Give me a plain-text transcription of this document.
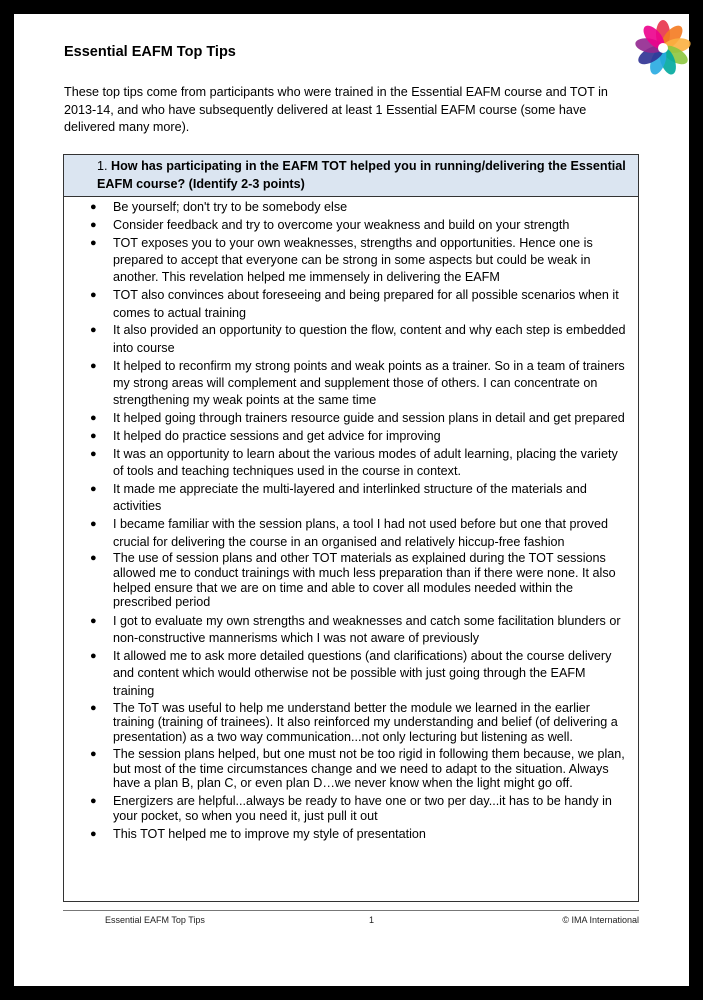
Essential EAFM Top Tips
These top tips come from participants who were trained in the Essential EAFM course and TOT in 2013-14, and who have subsequently delivered at least 1 Essential EAFM course (some have delivered many more).
1. How has participating in the EAFM TOT helped you in running/delivering the Essential EAFM course? (Identify 2-3 points)
● Be yourself; don't try to be somebody else
● Consider feedback and try to overcome your weakness and build on your strength
● TOT exposes you to your own weaknesses, strengths and opportunities. Hence one is prepared to accept that everyone can be strong in some aspects but could be weak in another. This revelation helped me immensely in delivering the EAFM
● TOT also convinces about foreseeing and being prepared for all possible scenarios when it comes to actual training
● It also provided an opportunity to question the flow, content and why each step is embedded into course
● It helped to reconfirm my strong points and weak points as a trainer. So in a team of trainers my strong areas will complement and supplement those of others. I can concentrate on strengthening my weak points at the same time
● It helped going through trainers resource guide and session plans in detail and get prepared
● It helped do practice sessions and get advice for improving
● It was an opportunity to learn about the various modes of adult learning, placing the variety of tools and teaching techniques used in the course in context.
● It made me appreciate the multi-layered and interlinked structure of the materials and activities
● I became familiar with the session plans, a tool I had not used before but one that proved crucial for delivering the course in an organised and relatively hiccup-free fashion
● The use of session plans and other TOT materials as explained during the TOT sessions allowed me to conduct trainings with much less preparation than if there were none. It also helped ensure that we are on time and able to cover all modules needed within the prescribed period
● I got to evaluate my own strengths and weaknesses and catch some facilitation blunders or non-constructive mannerisms which I was not aware of previously
● It allowed me to ask more detailed questions (and clarifications) about the course delivery and content which would otherwise not be possible with just going through the EAFM training
● The ToT was useful to help me understand better the module we learned in the earlier training (training of trainees). It also reinforced my understanding and belief (of delivering a presentation) as a two way communication...not only lecturing but listening as well.
● The session plans helped, but one must not be too rigid in following them because, we plan, but most of the time circumstances change and we need to adapt to the situation. Always have a plan B, plan C, or even plan D…we never know when the light might go off.
● Energizers are helpful...always be ready to have one or two per day...it has to be handy in your pocket, so when you need it, just pull it out
● This TOT helped me to improve my style of presentation
Essential EAFM Top Tips	1	© IMA International
